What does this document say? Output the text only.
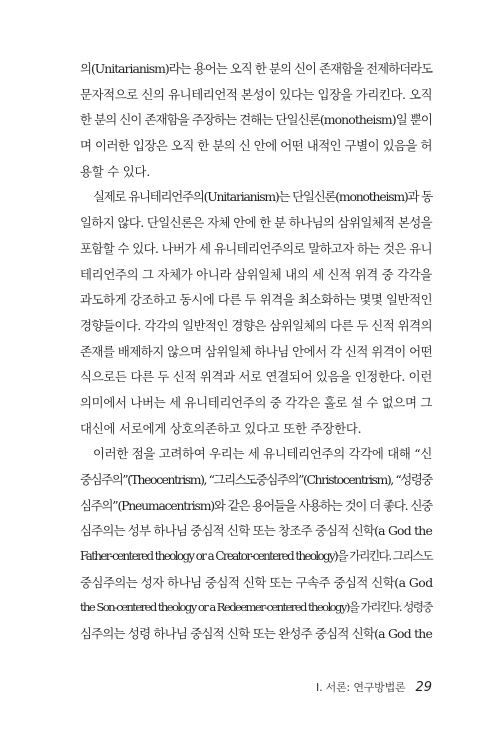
의(Unitarianism)라는 용어는 오직 한 분의 신이 존재함을 전제하더라도
문자적으로 신의 유니테리언적 본성이 있다는 입장을 가리킨다. 오직
한 분의 신이 존재함을 주장하는 견해는 단일신론(monotheism)일 뿐이
며 이러한 입장은 오직 한 분의 신 안에 어떤 내적인 구별이 있음을 허
용할 수 있다.

실제로 유니테리언주의(Unitarianism)는 단일신론(monotheism)과 동
일하지 않다. 단일신론은 자체 안에 한 분 하나님의 삼위일체적 본성을
포함할 수 있다. 나버가 세 유니테리언주의로 말하고자 하는 것은 유니
테리언주의 그 자체가 아니라 삼위일체 내의 세 신적 위격 중 각각을
과도하게 강조하고 동시에 다른 두 위격을 최소화하는 몇몇 일반적인
경향들이다. 각각의 일반적인 경향은 삼위일체의 다른 두 신적 위격의
존재를 배제하지 않으며 삼위일체 하나님 안에서 각 신적 위격이 어떤
식으로든 다른 두 신적 위격과 서로 연결되어 있음을 인정한다. 이런
의미에서 나버는 세 유니테리언주의 중 각각은 홀로 설 수 없으며 그
대신에 서로에게 상호의존하고 있다고 또한 주장한다.

이러한 점을 고려하여 우리는 세 유니테리언주의 각각에 대해 “신
중심주의”(Theocentrism), “그리스도중심주의”(Christocentrism), “성령중
심주의”(Pneumacentrism)와 같은 용어들을 사용하는 것이 더 좋다. 신중
심주의는 성부 하나님 중심적 신학 또는 창조주 중심적 신학(a God the
Father-centered theology or a Creator-centered theology)을 가리킨다. 그리스도
중심주의는 성자 하나님 중심적 신학 또는 구속주 중심적 신학(a God
the Son-centered theology or a Redeemer-centered theology)을 가리킨다. 성령중
심주의는 성령 하나님 중심적 신학 또는 완성주 중심적 신학(a God the

I. 서론: 연구방법론 29
